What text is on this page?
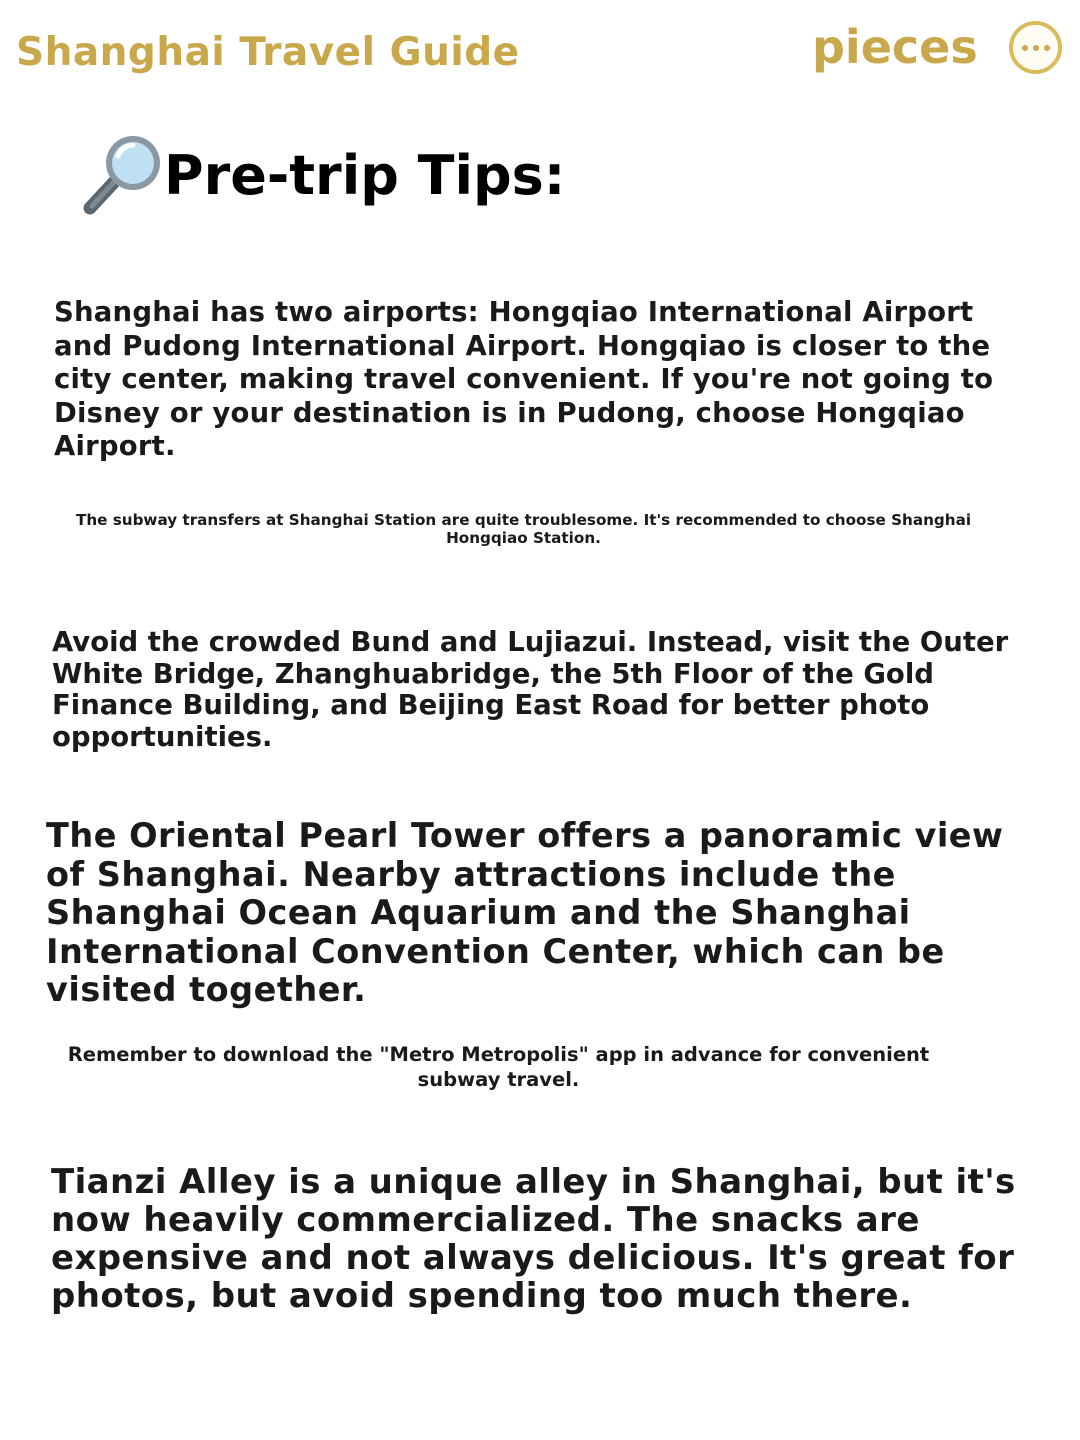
Shanghai Travel Guide	pieces
Pre-trip Tips:

Shanghai has two airports: Hongqiao International Airport and Pudong International Airport. Hongqiao is closer to the city center, making travel convenient. If you're not going to Disney or your destination is in Pudong, choose Hongqiao Airport.

The subway transfers at Shanghai Station are quite troublesome. It's recommended to choose Shanghai Hongqiao Station.

Avoid the crowded Bund and Lujiazui. Instead, visit the Outer White Bridge, Zhanghuabridge, the 5th Floor of the Gold Finance Building, and Beijing East Road for better photo opportunities.

The Oriental Pearl Tower offers a panoramic view of Shanghai. Nearby attractions include the Shanghai Ocean Aquarium and the Shanghai International Convention Center, which can be visited together.

Remember to download the "Metro Metropolis" app in advance for convenient subway travel.

Tianzi Alley is a unique alley in Shanghai, but it's now heavily commercialized. The snacks are expensive and not always delicious. It's great for photos, but avoid spending too much there.
